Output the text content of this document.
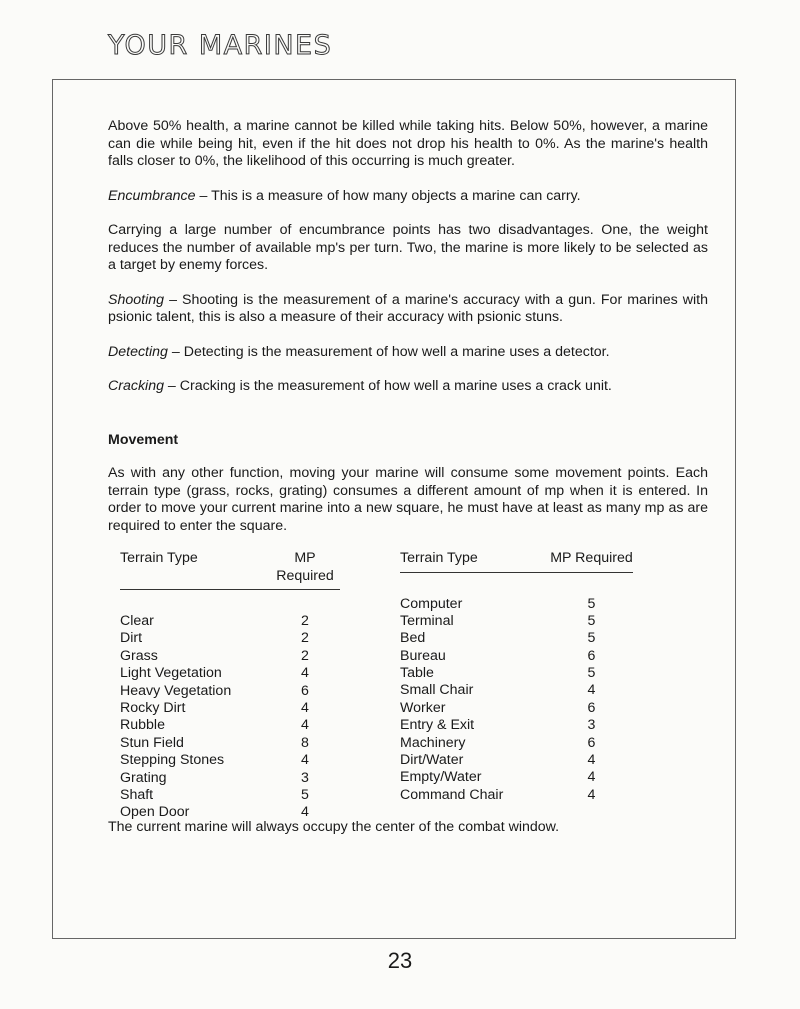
YOUR MARINES

Above 50% health, a marine cannot be killed while taking hits. Below 50%, however, a marine can die while being hit, even if the hit does not drop his health to 0%. As the marine's health falls closer to 0%, the likelihood of this occurring is much greater.

Encumbrance – This is a measure of how many objects a marine can carry.

Carrying a large number of encumbrance points has two disadvantages. One, the weight reduces the number of available mp's per turn. Two, the marine is more likely to be selected as a target by enemy forces.

Shooting – Shooting is the measurement of a marine's accuracy with a gun. For marines with psionic talent, this is also a measure of their accuracy with psionic stuns.

Detecting – Detecting is the measurement of how well a marine uses a detector.

Cracking – Cracking is the measurement of how well a marine uses a crack unit.

Movement

As with any other function, moving your marine will consume some movement points. Each terrain type (grass, rocks, grating) consumes a different amount of mp when it is entered. In order to move your current marine into a new square, he must have at least as many mp as are required to enter the square.

Terrain Type	MP Required
Clear	2
Dirt	2
Grass	2
Light Vegetation	4
Heavy Vegetation	6
Rocky Dirt	4
Rubble	4
Stun Field	8
Stepping Stones	4
Grating	3
Shaft	5
Open Door	4
Terrain Type	MP Required
Computer	5
Terminal	5
Bed	5
Bureau	6
Table	5
Small Chair	4
Worker	6
Entry & Exit	3
Machinery	6
Dirt/Water	4
Empty/Water	4
Command Chair	4

The current marine will always occupy the center of the combat window.

23
